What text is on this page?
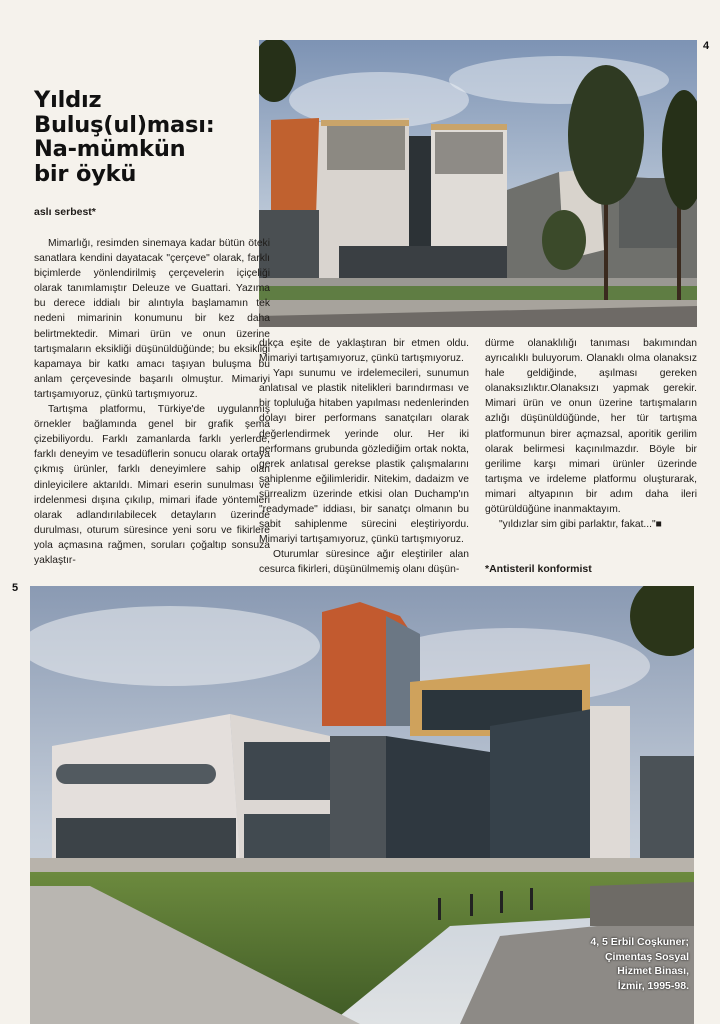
4
5
Yıldız
Buluş(ul)ması:
Na-mümkün
bir öykü
aslı serbest*

Mimarlığı, resimden sinemaya kadar bütün öteki sanatlara kendini dayatacak "çerçeve" olarak, farklı biçimlerde yönlendirilmiş çerçevelerin içiçeliği olarak tanımlamıştır Deleuze ve Guattari. Yazıma bu derece iddialı bir alıntıyla başlamamın tek nedeni mimarinin konumunu bir kez daha belirtmektedir. Mimari ürün ve onun üzerine tartışmaların eksikliği düşünüldüğünde; bu eksikliği kapamaya bir katkı amacı taşıyan buluşma bu anlam çerçevesinde başarılı olmuştur. Mimariyi tartışamıyoruz, çünkü tartışmıyoruz.

Tartışma platformu, Türkiye'de uygulanmış örnekler bağlamında genel bir grafik şema çizebiliyordu. Farklı zamanlarda farklı yerlerde, farklı deneyim ve tesadüflerin sonucu olarak ortaya çıkmış ürünler, farklı deneyimlere sahip olan dinleyicilere aktarıldı. Mimari eserin sunulması ve irdelenmesi dışına çıkılıp, mimari ifade yöntemleri olarak adlandırılabilecek detayların üzerinde durulması, oturum süresince yeni soru ve fikirlere yola açmasına rağmen, soruları çoğaltıp sonsuza yaklaştır-

dıkça eşite de yaklaştıran bir etmen oldu. Mimariyi tartışamıyoruz, çünkü tartışmıyoruz.

Yapı sunumu ve irdelemecileri, sunumun anlatısal ve plastik nitelikleri barındırması ve bir topluluğa hitaben yapılması nedenlerinden dolayı birer performans sanatçıları olarak değerlendirmek yerinde olur. Her iki performans grubunda gözlediğim ortak nokta, gerek anlatısal gerekse plastik çalışmalarını sahiplenme eğilimleridir. Nitekim, dadaizm ve sürrealizm üzerinde etkisi olan Duchamp'ın "readymade" iddiası, bir sanatçı olmanın bu sabit sahiplenme sürecini eleştiriyordu. Mimariyi tartışamıyoruz, çünkü tartışmıyoruz.

Oturumlar süresince ağır eleştiriler alan cesurca fikirleri, düşünülmemiş olanı düşün-

dürme olanaklılığı tanıması bakımından ayrıcalıklı buluyorum. Olanaklı olma olanaksız hale geldiğinde, aşılması gereken olanaksızlıktır.Olanaksızı yapmak gerekir. Mimari ürün ve onun üzerine tartışmaların azlığı düşünüldüğünde, her tür tartışma platformunun birer açmazsal, aporitik gerilim olarak belirmesi kaçınılmazdır. Böyle bir gerilime karşı mimari ürünler üzerinde tartışma ve irdeleme platformu oluşturarak, mimari altyapının bir adım daha ileri götürüldüğüne inanmaktayım.

"yıldızlar sim gibi parlaktır, fakat..."■

*Antisteril konformist
4, 5 Erbil Coşkuner;
Çimentaş Sosyal
Hizmet Binası,
İzmir, 1995-98.
